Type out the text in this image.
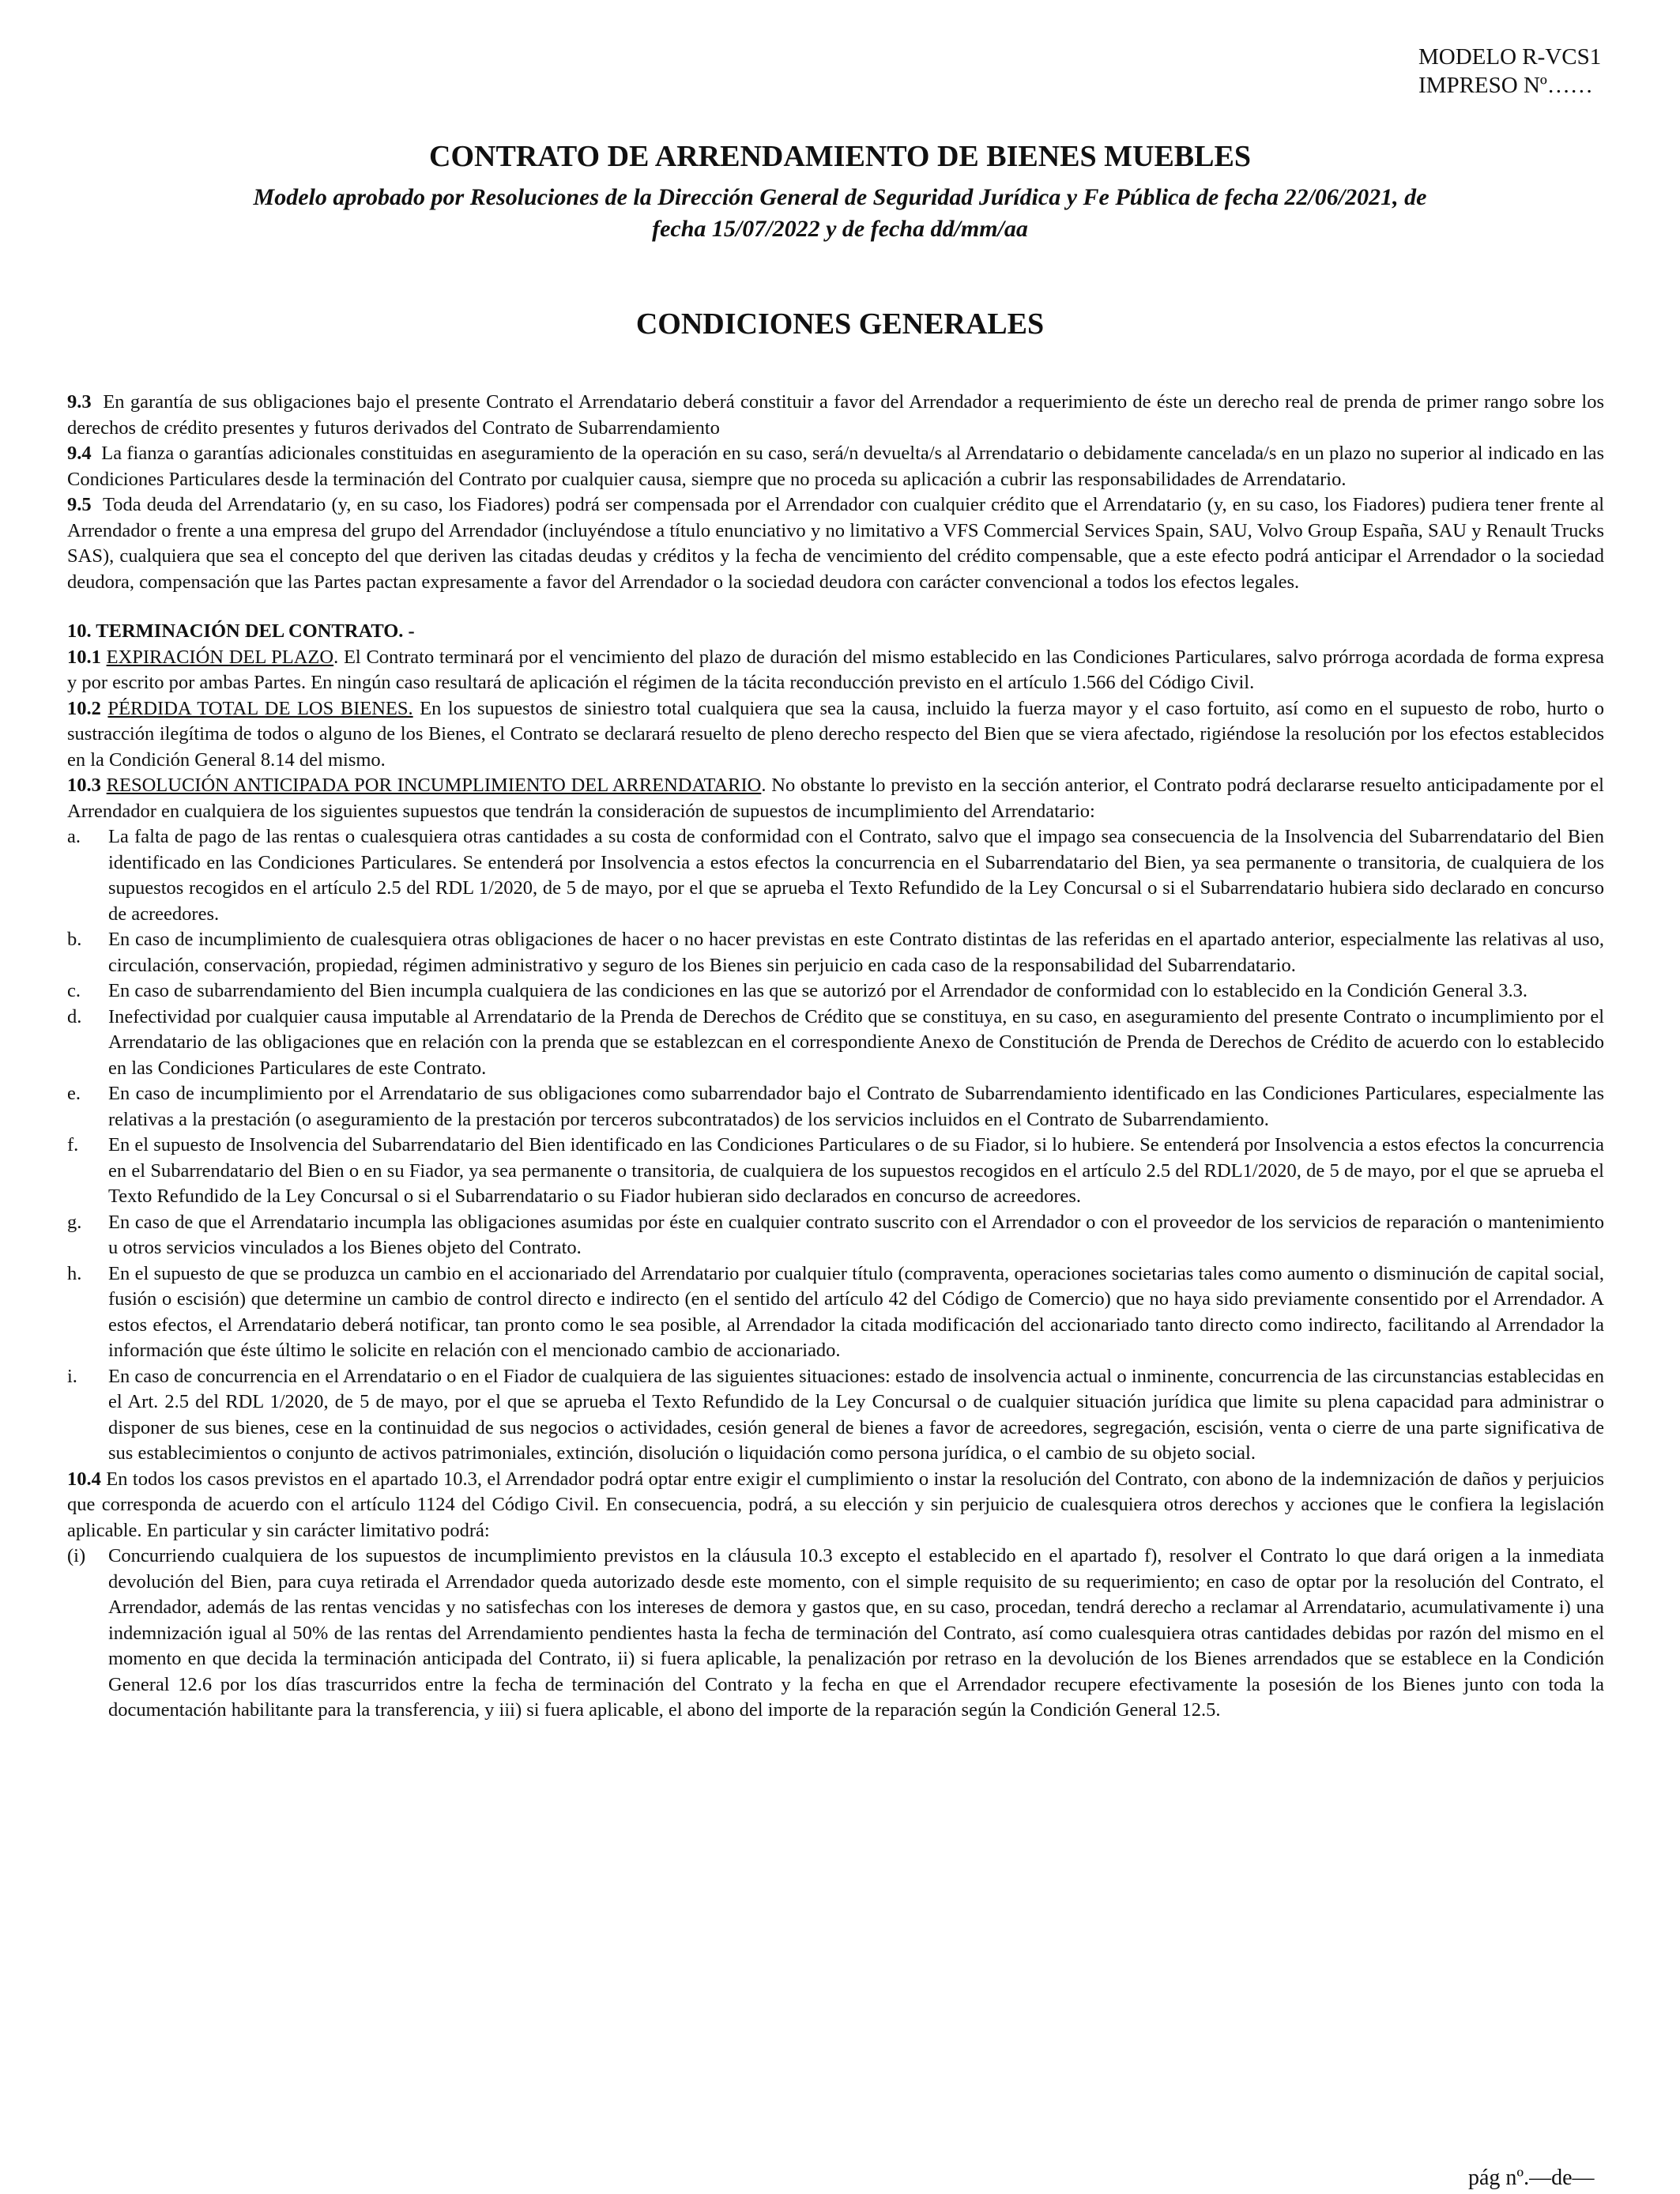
MODELO R-VCS1
IMPRESO Nº……
CONTRATO DE ARRENDAMIENTO DE BIENES MUEBLES
Modelo aprobado por Resoluciones de la Dirección General de Seguridad Jurídica y Fe Pública de fecha 22/06/2021, de
fecha 15/07/2022 y de fecha dd/mm/aa
CONDICIONES GENERALES

9.3 En garantía de sus obligaciones bajo el presente Contrato el Arrendatario deberá constituir a favor del Arrendador a requerimiento de éste un derecho real de prenda de primer rango sobre los derechos de crédito presentes y futuros derivados del Contrato de Subarrendamiento

9.4 La fianza o garantías adicionales constituidas en aseguramiento de la operación en su caso, será/n devuelta/s al Arrendatario o debidamente cancelada/s en un plazo no superior al indicado en las Condiciones Particulares desde la terminación del Contrato por cualquier causa, siempre que no proceda su aplicación a cubrir las responsabilidades de Arrendatario.

9.5 Toda deuda del Arrendatario (y, en su caso, los Fiadores) podrá ser compensada por el Arrendador con cualquier crédito que el Arrendatario (y, en su caso, los Fiadores) pudiera tener frente al Arrendador o frente a una empresa del grupo del Arrendador (incluyéndose a título enunciativo y no limitativo a VFS Commercial Services Spain, SAU, Volvo Group España, SAU y Renault Trucks SAS), cualquiera que sea el concepto del que deriven las citadas deudas y créditos y la fecha de vencimiento del crédito compensable, que a este efecto podrá anticipar el Arrendador o la sociedad deudora, compensación que las Partes pactan expresamente a favor del Arrendador o la sociedad deudora con carácter convencional a todos los efectos legales.

10. TERMINACIÓN DEL CONTRATO. -

10.1 EXPIRACIÓN DEL PLAZO. El Contrato terminará por el vencimiento del plazo de duración del mismo establecido en las Condiciones Particulares, salvo prórroga acordada de forma expresa y por escrito por ambas Partes. En ningún caso resultará de aplicación el régimen de la tácita reconducción previsto en el artículo 1.566 del Código Civil.

10.2 PÉRDIDA TOTAL DE LOS BIENES. En los supuestos de siniestro total cualquiera que sea la causa, incluido la fuerza mayor y el caso fortuito, así como en el supuesto de robo, hurto o sustracción ilegítima de todos o alguno de los Bienes, el Contrato se declarará resuelto de pleno derecho respecto del Bien que se viera afectado, rigiéndose la resolución por los efectos establecidos en la Condición General 8.14 del mismo.

10.3 RESOLUCIÓN ANTICIPADA POR INCUMPLIMIENTO DEL ARRENDATARIO. No obstante lo previsto en la sección anterior, el Contrato podrá declararse resuelto anticipadamente por el Arrendador en cualquiera de los siguientes supuestos que tendrán la consideración de supuestos de incumplimiento del Arrendatario:

a.	La falta de pago de las rentas o cualesquiera otras cantidades a su costa de conformidad con el Contrato, salvo que el impago sea consecuencia de la Insolvencia del Subarrendatario del Bien identificado en las Condiciones Particulares. Se entenderá por Insolvencia a estos efectos la concurrencia en el Subarrendatario del Bien, ya sea permanente o transitoria, de cualquiera de los supuestos recogidos en el artículo 2.5 del RDL 1/2020, de 5 de mayo, por el que se aprueba el Texto Refundido de la Ley Concursal o si el Subarrendatario hubiera sido declarado en concurso de acreedores.
b.	En caso de incumplimiento de cualesquiera otras obligaciones de hacer o no hacer previstas en este Contrato distintas de las referidas en el apartado anterior, especialmente las relativas al uso, circulación, conservación, propiedad, régimen administrativo y seguro de los Bienes sin perjuicio en cada caso de la responsabilidad del Subarrendatario.
c.	En caso de subarrendamiento del Bien incumpla cualquiera de las condiciones en las que se autorizó por el Arrendador de conformidad con lo establecido en la Condición General 3.3.
d.	Inefectividad por cualquier causa imputable al Arrendatario de la Prenda de Derechos de Crédito que se constituya, en su caso, en aseguramiento del presente Contrato o incumplimiento por el Arrendatario de las obligaciones que en relación con la prenda que se establezcan en el correspondiente Anexo de Constitución de Prenda de Derechos de Crédito de acuerdo con lo establecido en las Condiciones Particulares de este Contrato.
e.	En caso de incumplimiento por el Arrendatario de sus obligaciones como subarrendador bajo el Contrato de Subarrendamiento identificado en las Condiciones Particulares, especialmente las relativas a la prestación (o aseguramiento de la prestación por terceros subcontratados) de los servicios incluidos en el Contrato de Subarrendamiento.
f.	En el supuesto de Insolvencia del Subarrendatario del Bien identificado en las Condiciones Particulares o de su Fiador, si lo hubiere. Se entenderá por Insolvencia a estos efectos la concurrencia en el Subarrendatario del Bien o en su Fiador, ya sea permanente o transitoria, de cualquiera de los supuestos recogidos en el artículo 2.5 del RDL1/2020, de 5 de mayo, por el que se aprueba el Texto Refundido de la Ley Concursal o si el Subarrendatario o su Fiador hubieran sido declarados en concurso de acreedores.
g.	En caso de que el Arrendatario incumpla las obligaciones asumidas por éste en cualquier contrato suscrito con el Arrendador o con el proveedor de los servicios de reparación o mantenimiento u otros servicios vinculados a los Bienes objeto del Contrato.
h.	En el supuesto de que se produzca un cambio en el accionariado del Arrendatario por cualquier título (compraventa, operaciones societarias tales como aumento o disminución de capital social, fusión o escisión) que determine un cambio de control directo e indirecto (en el sentido del artículo 42 del Código de Comercio) que no haya sido previamente consentido por el Arrendador. A estos efectos, el Arrendatario deberá notificar, tan pronto como le sea posible, al Arrendador la citada modificación del accionariado tanto directo como indirecto, facilitando al Arrendador la información que éste último le solicite en relación con el mencionado cambio de accionariado.
i.	En caso de concurrencia en el Arrendatario o en el Fiador de cualquiera de las siguientes situaciones: estado de insolvencia actual o inminente, concurrencia de las circunstancias establecidas en el Art. 2.5 del RDL 1/2020, de 5 de mayo, por el que se aprueba el Texto Refundido de la Ley Concursal o de cualquier situación jurídica que limite su plena capacidad para administrar o disponer de sus bienes, cese en la continuidad de sus negocios o actividades, cesión general de bienes a favor de acreedores, segregación, escisión, venta o cierre de una parte significativa de sus establecimientos o conjunto de activos patrimoniales, extinción, disolución o liquidación como persona jurídica, o el cambio de su objeto social.

10.4 En todos los casos previstos en el apartado 10.3, el Arrendador podrá optar entre exigir el cumplimiento o instar la resolución del Contrato, con abono de la indemnización de daños y perjuicios que corresponda de acuerdo con el artículo 1124 del Código Civil. En consecuencia, podrá, a su elección y sin perjuicio de cualesquiera otros derechos y acciones que le confiera la legislación aplicable. En particular y sin carácter limitativo podrá:

(i)	Concurriendo cualquiera de los supuestos de incumplimiento previstos en la cláusula 10.3 excepto el establecido en el apartado f), resolver el Contrato lo que dará origen a la inmediata devolución del Bien, para cuya retirada el Arrendador queda autorizado desde este momento, con el simple requisito de su requerimiento; en caso de optar por la resolución del Contrato, el Arrendador, además de las rentas vencidas y no satisfechas con los intereses de demora y gastos que, en su caso, procedan, tendrá derecho a reclamar al Arrendatario, acumulativamente i) una indemnización igual al 50% de las rentas del Arrendamiento pendientes hasta la fecha de terminación del Contrato, así como cualesquiera otras cantidades debidas por razón del mismo en el momento en que decida la terminación anticipada del Contrato, ii) si fuera aplicable, la penalización por retraso en la devolución de los Bienes arrendados que se establece en la Condición General 12.6 por los días trascurridos entre la fecha de terminación del Contrato y la fecha en que el Arrendador recupere efectivamente la posesión de los Bienes junto con toda la documentación habilitante para la transferencia, y iii) si fuera aplicable, el abono del importe de la reparación según la Condición General 12.5.
pág nº.—de—
